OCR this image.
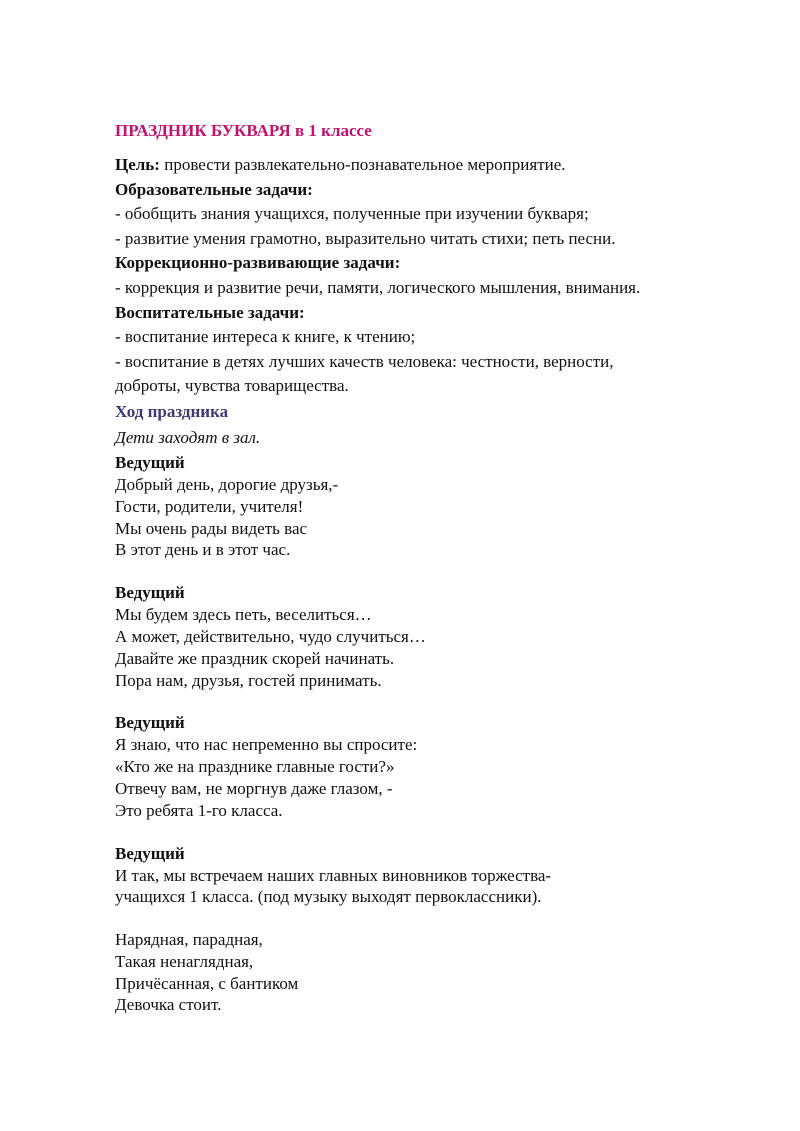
ПРАЗДНИК БУКВАРЯ в 1 классе

Цель: провести развлекательно-познавательное мероприятие.

Образовательные задачи:

- обобщить знания учащихся, полученные при изучении букваря;

- развитие умения грамотно, выразительно читать стихи; петь песни.

Коррекционно-развивающие задачи:

- коррекция и развитие речи, памяти, логического мышления, внимания.

Воспитательные задачи:

- воспитание интереса к книге, к чтению;

- воспитание в детях лучших качеств человека: честности, верности,

доброты, чувства товарищества.

Ход праздника
Дети заходят в зал.
Ведущий
Добрый день, дорогие друзья,-
Гости, родители, учителя!
Мы очень рады видеть вас
В этот день и в этот час.
Ведущий
Мы будем здесь петь, веселиться…
А может, действительно, чудо случиться…
Давайте же праздник скорей начинать.
Пора нам, друзья, гостей принимать.
Ведущий
Я знаю, что нас непременно вы спросите:
«Кто же на празднике главные гости?»
Отвечу вам, не моргнув даже глазом, -
Это ребята 1-го класса.
Ведущий
И так, мы встречаем наших главных виновников торжества-
учащихся 1 класса. (под музыку выходят первоклассники).
Нарядная, парадная,
Такая ненаглядная,
Причёсанная, с бантиком
Девочка стоит.
